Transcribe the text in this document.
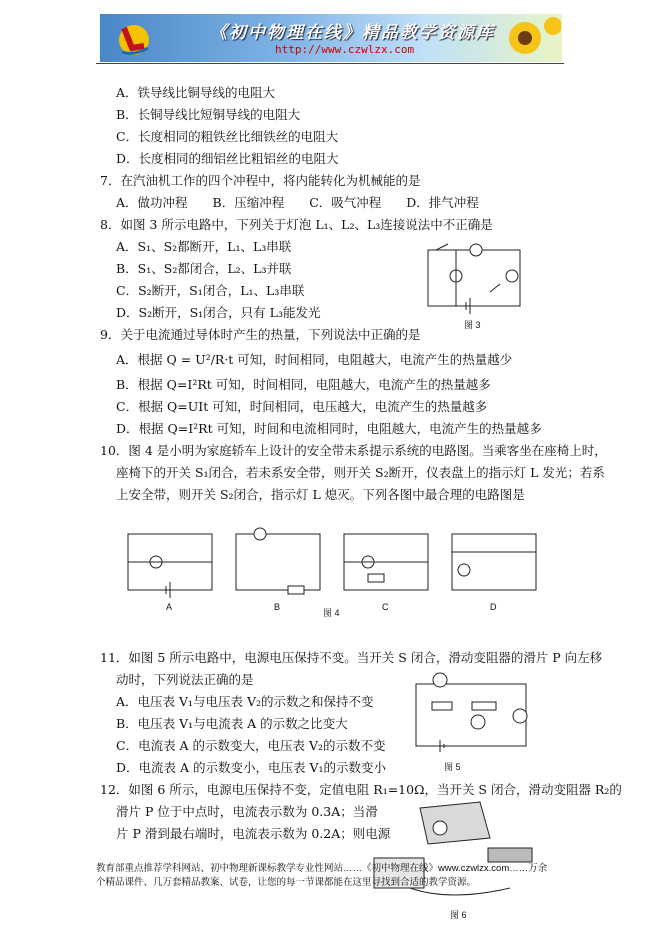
《初中物理在线》精品教学资源库
http://www.czwlzx.com
A．铁导线比铜导线的电阻大
B．长铜导线比短铜导线的电阻大
C．长度相同的粗铁丝比细铁丝的电阻大
D．长度相同的细铝丝比粗铝丝的电阻大
7．在汽油机工作的四个冲程中，将内能转化为机械能的是
A．做功冲程　　B．压缩冲程　　C．吸气冲程　　D．排气冲程
8．如图 3 所示电路中，下列关于灯泡 L₁、L₂、L₃连接说法中不正确是
A．S₁、S₂都断开，L₁、L₃串联
B．S₁、S₂都闭合，L₂、L₃并联
C．S₂断开，S₁闭合，L₁、L₃串联
D．S₂断开，S₁闭合，只有 L₃能发光
9．关于电流通过导体时产生的热量，下列说法中正确的是
A．根据 Q = U²/R·t 可知，时间相同，电阻越大，电流产生的热量越少
B．根据 Q=I²Rt 可知，时间相同，电阻越大，电流产生的热量越多
C．根据 Q=UIt 可知，时间相同，电压越大，电流产生的热量越多
D．根据 Q=I²Rt 可知，时间和电流相同时，电阻越大，电流产生的热量越多
10．图 4 是小明为家庭轿车上设计的安全带未系提示系统的电路图。当乘客坐在座椅上时，
座椅下的开关 S₁闭合，若未系安全带，则开关 S₂断开，仪表盘上的指示灯 L 发光；若系
上安全带，则开关 S₂闭合，指示灯 L 熄灭。下列各图中最合理的电路图是
11．如图 5 所示电路中，电源电压保持不变。当开关 S 闭合，滑动变阻器的滑片 P 向左移
动时，下列说法正确的是
A．电压表 V₁与电压表 V₂的示数之和保持不变
B．电压表 V₁与电流表 A 的示数之比变大
C．电流表 A 的示数变大，电压表 V₂的示数不变
D．电流表 A 的示数变小，电压表 V₁的示数变小
12．如图 6 所示，电源电压保持不变，定值电阻 R₁=10Ω，当开关 S 闭合，滑动变阻器 R₂的
滑片 P 位于中点时，电流表示数为 0.3A；当滑
片 P 滑到最右端时，电流表示数为 0.2A；则电源
图 3
A	B	C	D
图 4
图 5
图 6
教育部重点推荐学科网站、初中物理新课标教学专业性网站……《初中物理在线》www.czwlzx.com……万余
个精品课件、几万套精品教案、试卷，让您的每一节课都能在这里寻找到合适的教学资源。
